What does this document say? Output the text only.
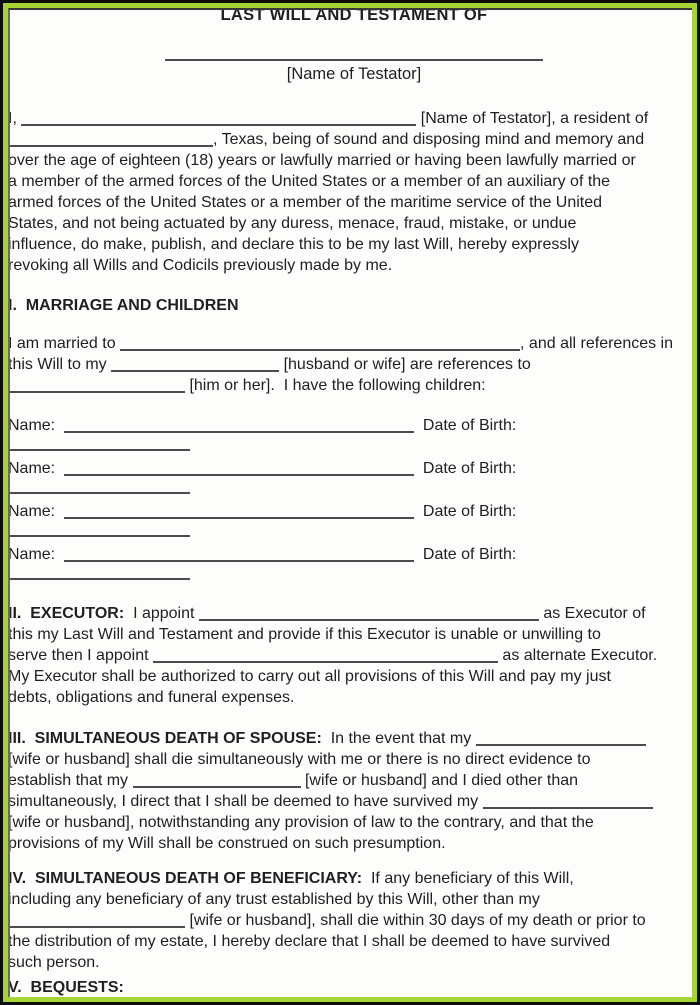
LAST WILL AND TESTAMENT OF
[Name of Testator]
I,	[Name of Testator], a resident of
, Texas, being of sound and disposing mind and memory and
over the age of eighteen (18) years or lawfully married or having been lawfully married or
a member of the armed forces of the United States or a member of an auxiliary of the
armed forces of the United States or a member of the maritime service of the United
States, and not being actuated by any duress, menace, fraud, mistake, or undue
influence, do make, publish, and declare this to be my last Will, hereby expressly
revoking all Wills and Codicils previously made by me.
I.  MARRIAGE AND CHILDREN
I am married to	, and all references in
this Will to my	[husband or wife] are references to
[him or her].  I have the following children:
Name:	Date of Birth:
Name:	Date of Birth:
Name:	Date of Birth:
Name:	Date of Birth:
II.  EXECUTOR:  I appoint	as Executor of
this my Last Will and Testament and provide if this Executor is unable or unwilling to
serve then I appoint	as alternate Executor.
My Executor shall be authorized to carry out all provisions of this Will and pay my just
debts, obligations and funeral expenses.
III.  SIMULTANEOUS DEATH OF SPOUSE:  In the event that my
[wife or husband] shall die simultaneously with me or there is no direct evidence to
establish that my	[wife or husband] and I died other than
simultaneously, I direct that I shall be deemed to have survived my
[wife or husband], notwithstanding any provision of law to the contrary, and that the
provisions of my Will shall be construed on such presumption.
IV.  SIMULTANEOUS DEATH OF BENEFICIARY:  If any beneficiary of this Will,
including any beneficiary of any trust established by this Will, other than my
[wife or husband], shall die within 30 days of my death or prior to
the distribution of my estate, I hereby declare that I shall be deemed to have survived
such person.
V.  BEQUESTS:
